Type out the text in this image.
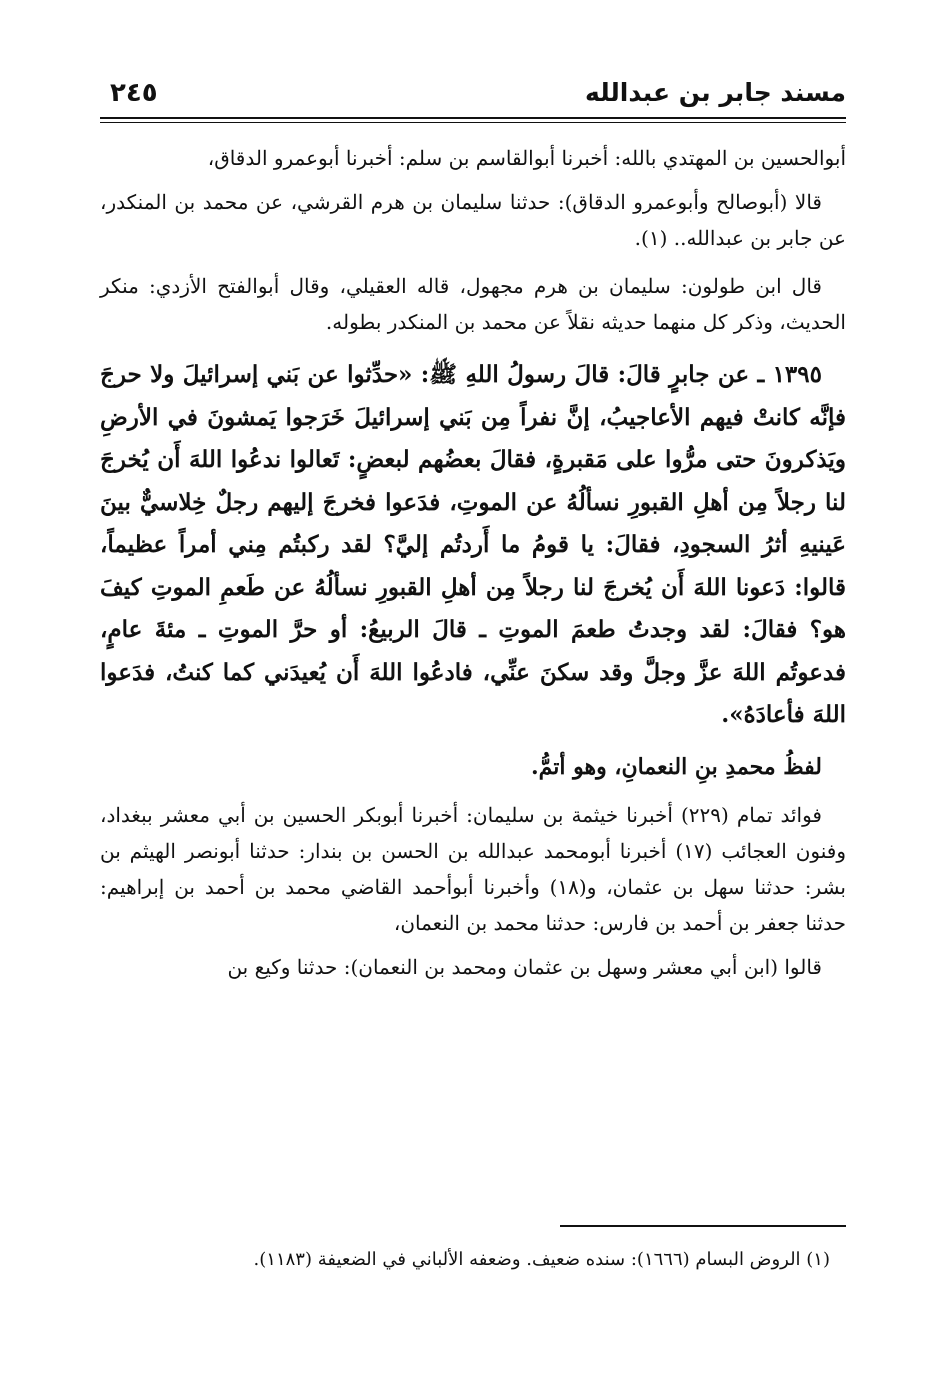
مسند جابر بن عبدالله
٢٤٥

أبوالحسين بن المهتدي بالله: أخبرنا أبوالقاسم بن سلم: أخبرنا أبوعمرو الدقاق،

قالا (أبوصالح وأبوعمرو الدقاق): حدثنا سليمان بن هرم القرشي، عن محمد بن المنكدر، عن جابر بن عبدالله.. (١).

قال ابن طولون: سليمان بن هرم مجهول، قاله العقيلي، وقال أبوالفتح الأزدي: منكر الحديث، وذكر كل منهما حديثه نقلاً عن محمد بن المنكدر بطوله.

١٣٩٥ ـ عن جابرٍ قالَ: قالَ رسولُ اللهِ ﷺ: «حدِّثوا عن بَني إسرائيلَ ولا حرجَ فإنَّه كانتْ فيهم الأعاجيبُ، إنَّ نفراً مِن بَني إسرائيلَ خَرَجوا يَمشونَ في الأرضِ ويَذكرونَ حتى مرُّوا على مَقبرةٍ، فقالَ بعضُهم لبعضٍ: تَعالوا ندعُوا اللهَ أَن يُخرجَ لنا رجلاً مِن أهلِ القبورِ نسألُهُ عن الموتِ، فدَعوا فخرجَ إليهم رجلٌ خِلاسيٌّ بينَ عَينيهِ أثرُ السجودِ، فقالَ: يا قومُ ما أَردتُم إليَّ؟ لقد ركبتُم مِني أمراً عظيماً، قالوا: دَعونا اللهَ أَن يُخرجَ لنا رجلاً مِن أهلِ القبورِ نسألُهُ عن طَعمِ الموتِ كيفَ هو؟ فقالَ: لقد وجدتُ طعمَ الموتِ ـ قالَ الربيعُ: أو حرَّ الموتِ ـ مئةَ عامٍ، فدعوتُم اللهَ عزَّ وجلَّ وقد سكنَ عنِّي، فادعُوا اللهَ أَن يُعيدَني كما كنتُ، فدَعوا اللهَ فأعادَهُ».

لفظُ محمدِ بنِ النعمانِ، وهو أتمُّ.

فوائد تمام (٢٢٩) أخبرنا خيثمة بن سليمان: أخبرنا أبوبكر الحسين بن أبي معشر ببغداد، وفنون العجائب (١٧) أخبرنا أبومحمد عبدالله بن الحسن بن بندار: حدثنا أبونصر الهيثم بن بشر: حدثنا سهل بن عثمان، و(١٨) وأخبرنا أبوأحمد القاضي محمد بن أحمد بن إبراهيم: حدثنا جعفر بن أحمد بن فارس: حدثنا محمد بن النعمان،

قالوا (ابن أبي معشر وسهل بن عثمان ومحمد بن النعمان): حدثنا وكيع بن

(١) الروض البسام (١٦٦٦): سنده ضعيف. وضعفه الألباني في الضعيفة (١١٨٣).
